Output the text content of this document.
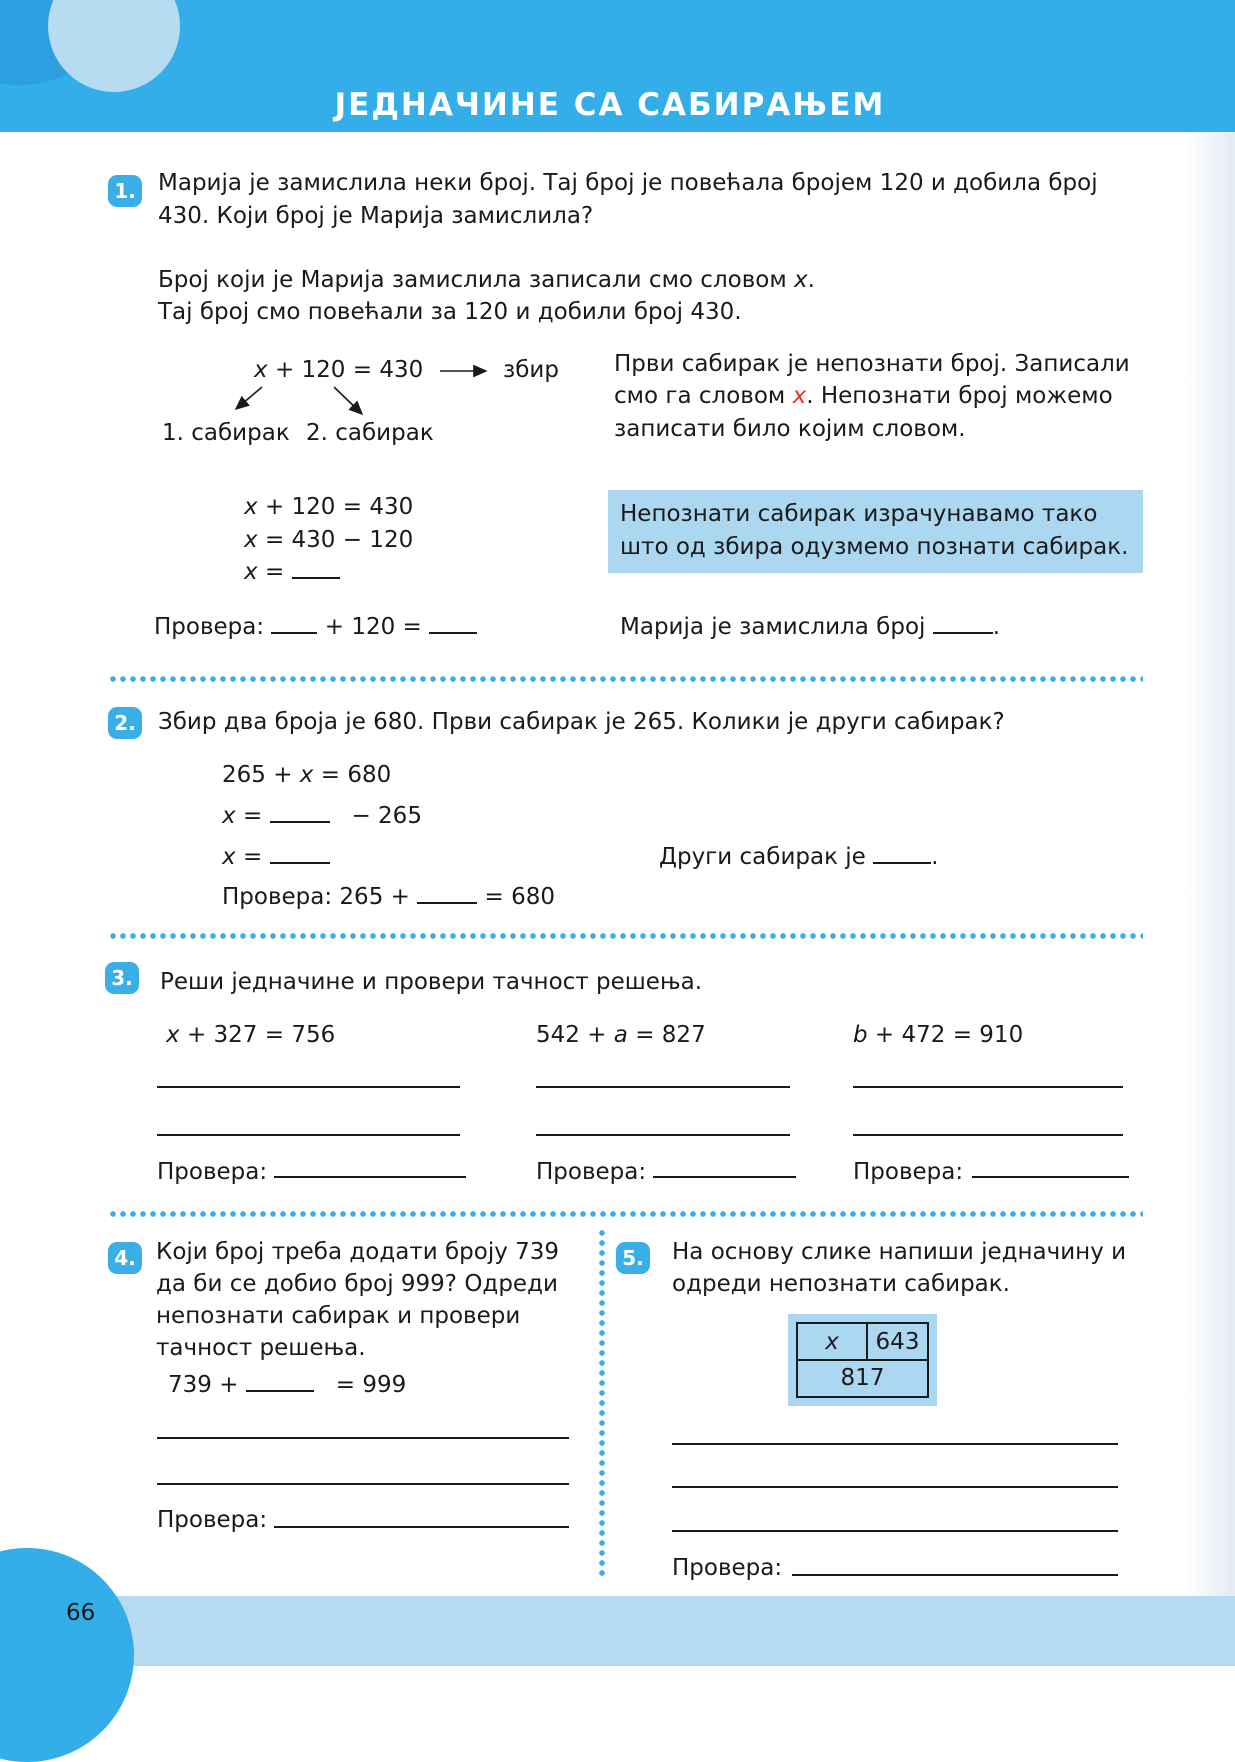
ЈЕДНАЧИНЕ СА САБИРАЊЕМ
1. Марија је замислила неки број. Тај број је повећала бројем 120 и добила број
430. Који број је Марија замислила?
Број који је Марија замислила записали смо словом x.
Тај број смо повећали за 120 и добили број 430.
x + 120 = 430	збир
1. сабирак 2. сабирак
Први сабирак је непознати број. Записали
смо га словом x. Непознати број можемо
записати било којим словом.
x + 120 = 430
x = 430 − 120
x =
Непознати сабирак израчунавамо тако
што од збира одузмемо познати сабирак.
Провера:	+ 120 =	Марија је замислила број	.
2. Збир два броја је 680. Први сабирак је 265. Колики је други сабирак?
265 + x = 680
x =	− 265
x =	Други сабирак је	.
Провера: 265 +	= 680
3. Реши једначине и провери тачност решења.
x + 327 = 756	542 + a = 827	b + 472 = 910
Провера:	Провера:	Провера:
4. Који број треба додати броју 739
да би се добио број 999? Одреди
непознати сабирак и провери
тачност решења.
739 +	= 999
Провера:
5. На основу слике напиши једначину и
одреди непознати сабирак.
x	643
817
Провера:
66
